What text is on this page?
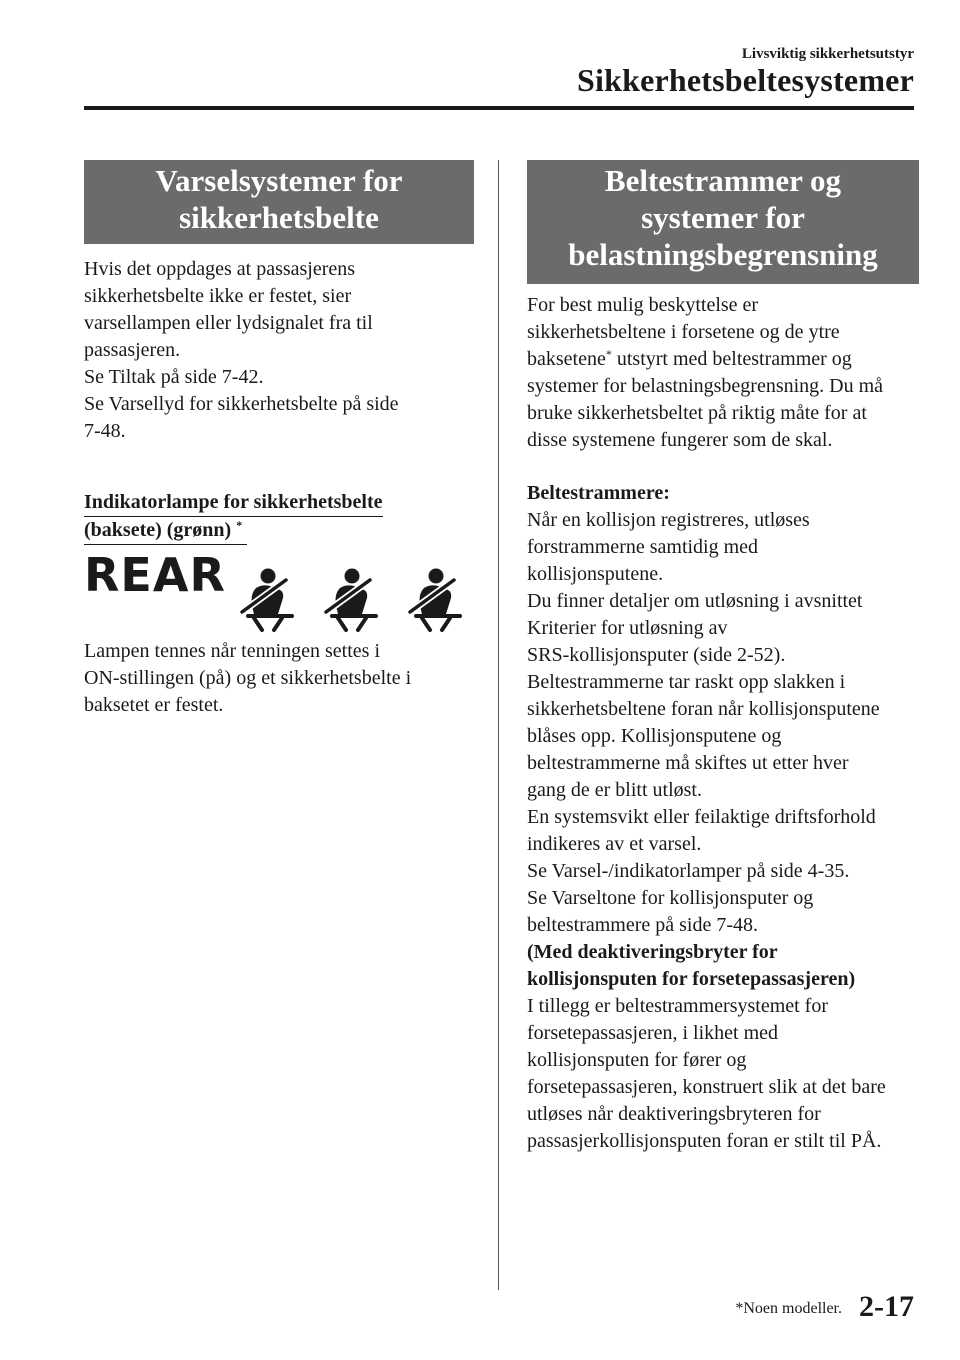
Livsviktig sikkerhetsutstyr
Sikkerhetsbeltesystemer
Varselsystemer for
sikkerhetsbelte

Hvis det oppdages at passasjerens

sikkerhetsbelte ikke er festet, sier

varsellampen eller lydsignalet fra til

passasjeren.

Se Tiltak på side 7-42.

Se Varsellyd for sikkerhetsbelte på side

7-48.

Indikatorlampe for sikkerhetsbelte
(baksete) (grønn) *
REAR

Lampen tennes når tenningen settes i

ON-stillingen (på) og et sikkerhetsbelte i

baksetet er festet.

Beltestrammer og
systemer for
belastningsbegrensning

For best mulig beskyttelse er

sikkerhetsbeltene i forsetene og de ytre

baksetene* utstyrt med beltestrammer og

systemer for belastningsbegrensning. Du må

bruke sikkerhetsbeltet på riktig måte for at

disse systemene fungerer som de skal.

Beltestrammere:

Når en kollisjon registreres, utløses

forstrammerne samtidig med

kollisjonsputene.

Du finner detaljer om utløsning i avsnittet

Kriterier for utløsning av

SRS-kollisjonsputer (side 2-52).

Beltestrammerne tar raskt opp slakken i

sikkerhetsbeltene foran når kollisjonsputene

blåses opp. Kollisjonsputene og

beltestrammerne må skiftes ut etter hver

gang de er blitt utløst.

En systemsvikt eller feilaktige driftsforhold

indikeres av et varsel.

Se Varsel-/indikatorlamper på side 4-35.

Se Varseltone for kollisjonsputer og

beltestrammere på side 7-48.

(Med deaktiveringsbryter for

kollisjonsputen for forsetepassasjeren)

I tillegg er beltestrammersystemet for

forsetepassasjeren, i likhet med

kollisjonsputen for fører og

forsetepassasjeren, konstruert slik at det bare

utløses når deaktiveringsbryteren for

passasjerkollisjonsputen foran er stilt til PÅ.

*Noen modeller. 2-17
